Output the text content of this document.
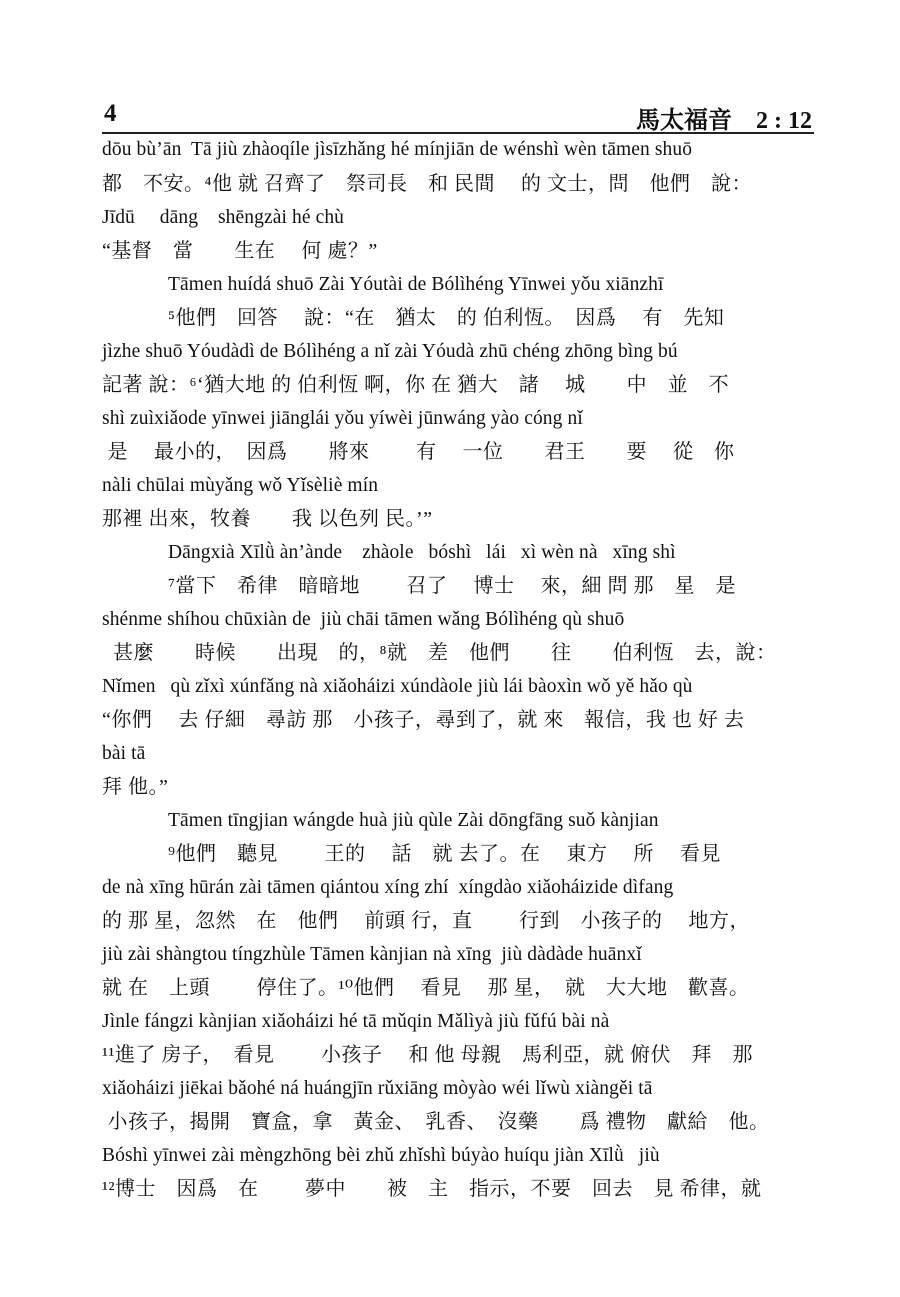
4	馬太福音　2 : 12
dōu bù’ān  Tā jiù zhàoqíle jìsīzhǎng hé mínjiān de wénshì wèn tāmen shuō
都　不安。⁴他 就 召齊了　祭司長　和 民間　 的 文士，問　他們　說：
Jīdū     dāng    shēngzài hé chù
“基督　當　　生在　 何 處？”
Tāmen huídá shuō Zài Yóutài de Bólìhéng Yīnwei yǒu xiānzhī
⁵他們　回答　 說：“在　猶太　的 伯利恆。　因爲　 有　先知
jìzhe shuō Yóudàdì de Bólìhéng a nǐ zài Yóudà zhū chéng zhōng bìng bú
記著 說：⁶‘猶大地 的 伯利恆 啊，你 在 猶大　諸　 城　　中　並　不
shì zuìxiǎode yīnwei jiānglái yǒu yíwèi jūnwáng yào cóng nǐ
是　 最小的，　因爲　　將來　　 有　 一位　　君王　　要　 從　你
nàli chūlai mùyǎng wǒ Yǐsèliè mín
那裡 出來，牧養　　我 以色列 民。’”
Dāngxià Xīlǜ àn’ànde    zhàole   bóshì   lái   xì wèn nà   xīng shì
⁷當下　希律　暗暗地　　 召了　 博士　 來，細 問 那　星　是
shénme shíhou chūxiàn de  jiù chāi tāmen wǎng Bólìhéng qù shuō
甚麼　　時候　　出現　的，⁸就　差　他們　　往　　伯利恆　去，說：
Nǐmen   qù zǐxì xúnfǎng nà xiǎoháizi xúndàole jiù lái bàoxìn wǒ yě hǎo qù
“你們　 去 仔細　尋訪 那　小孩子，尋到了，就 來　報信，我 也 好 去
bài tā
拜 他。”
Tāmen tīngjian wángde huà jiù qùle Zài dōngfāng suǒ kànjian
⁹他們　聽見　　 王的　 話　就 去了。在　 東方　 所　 看見
de nà xīng hūrán zài tāmen qiántou xíng zhí  xíngdào xiǎoháizide dìfang
的 那 星，忽然　在　他們　 前頭 行，直　　 行到　小孩子的　 地方，
jiù zài shàngtou tíngzhùle Tāmen kànjian nà xīng  jiù dàdàde huānxǐ
就 在　上頭　　 停住了。¹⁰他們　 看見　 那 星，　就　大大地　歡喜。
Jìnle fángzi kànjian xiǎoháizi hé tā mǔqin Mǎlìyà jiù fǔfú bài nà
¹¹進了 房子，　看見　　 小孩子　 和 他 母親　馬利亞，就 俯伏　拜　那
xiǎoháizi jiēkai bǎohé ná huángjīn rǔxiāng mòyào wéi lǐwù xiàngěi tā
小孩子，揭開　寶盒，拿　黃金、　乳香、　沒藥　　爲 禮物　獻給　他。
Bóshì yīnwei zài mèngzhōng bèi zhǔ zhǐshì búyào huíqu jiàn Xīlǜ   jiù
¹²博士　因爲　在　　 夢中　　被　主　指示，不要　回去　見 希律，就
